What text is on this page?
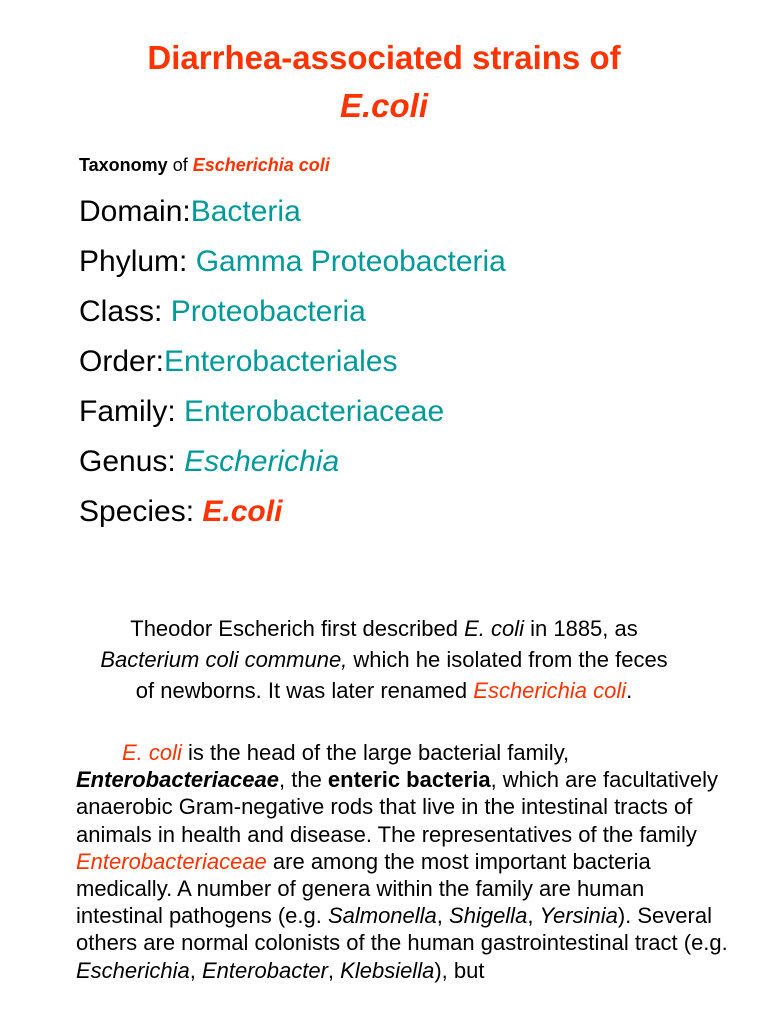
Diarrhea-associated strains of
E.coli
Taxonomy of Escherichia coli
Domain:Bacteria
Phylum: Gamma Proteobacteria
Class: Proteobacteria
Order:Enterobacteriales
Family: Enterobacteriaceae
Genus: Escherichia
Species: E.coli
Theodor Escherich first described E. coli in 1885, as
Bacterium coli commune, which he isolated from the feces
of newborns. It was later renamed Escherichia coli.
E. coli is the head of the large bacterial family, Enterobacteriaceae, the enteric bacteria, which are facultatively anaerobic Gram-negative rods that live in the intestinal tracts of animals in health and disease. The representatives of the family Enterobacteriaceae are among the most important bacteria medically. A number of genera within the family are human intestinal pathogens (e.g. Salmonella, Shigella, Yersinia). Several others are normal colonists of the human gastrointestinal tract (e.g. Escherichia, Enterobacter, Klebsiella), but
